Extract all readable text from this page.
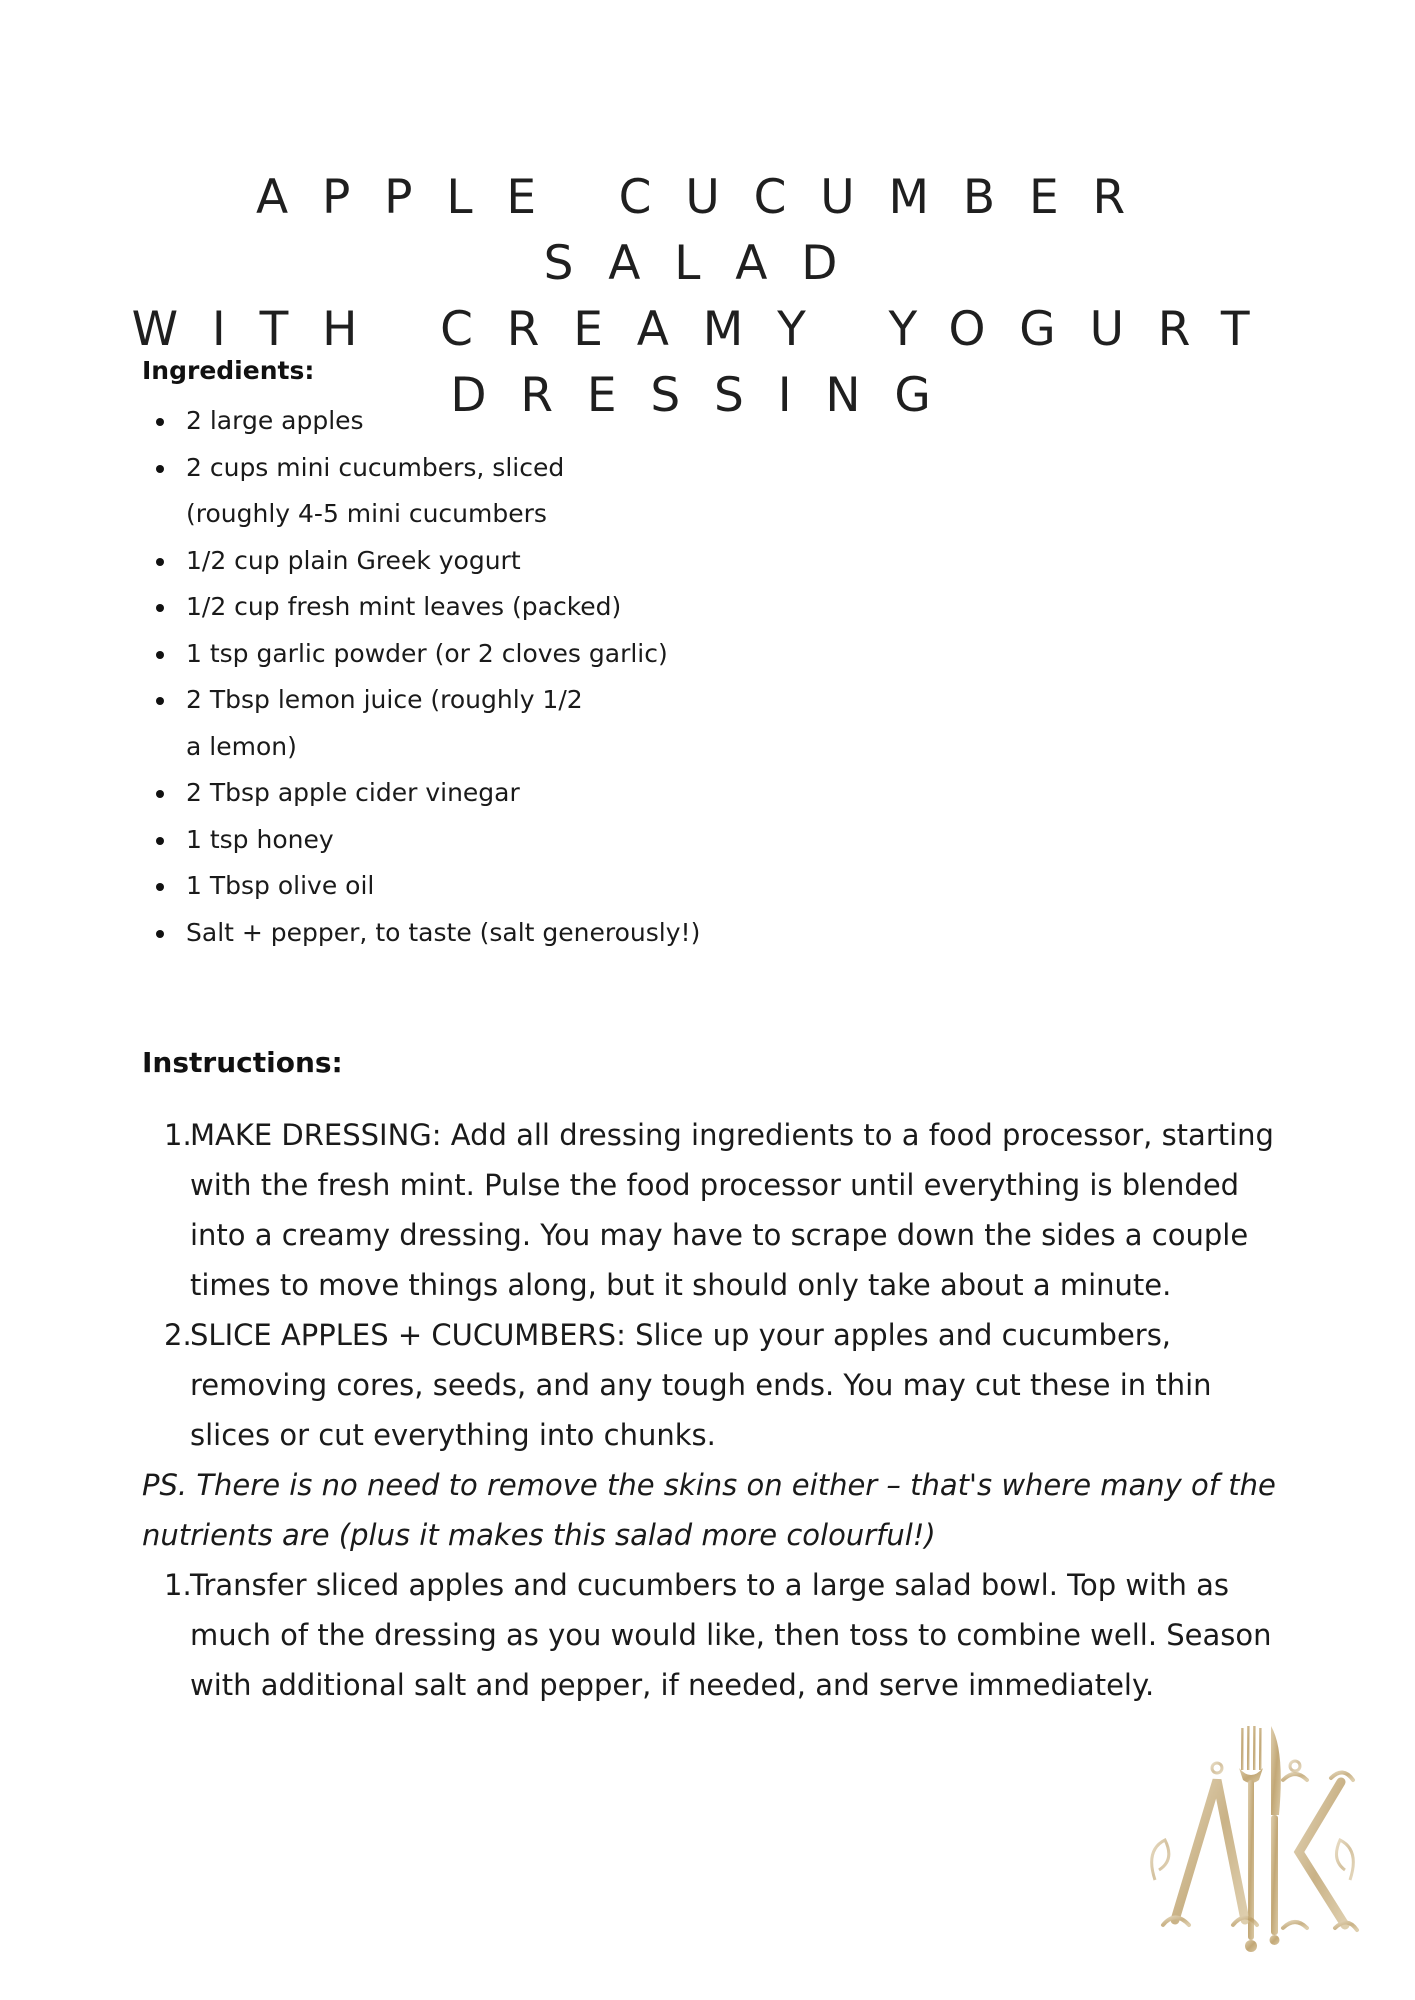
APPLE CUCUMBER SALAD
WITH CREAMY YOGURT
DRESSING
Ingredients:
2 large apples
2 cups mini cucumbers, sliced (roughly 4-5 mini cucumbers
1/2 cup plain Greek yogurt
1/2 cup fresh mint leaves (packed)
1 tsp garlic powder (or 2 cloves garlic)
2 Tbsp lemon juice (roughly 1/2 a lemon)
2 Tbsp apple cider vinegar
1 tsp honey
1 Tbsp olive oil
Salt + pepper, to taste (salt generously!)
Instructions:
1.
MAKE DRESSING: Add all dressing ingredients to a food processor, starting with the fresh mint. Pulse the food processor until everything is blended into a creamy dressing. You may have to scrape down the sides a couple times to move things along, but it should only take about a minute.
2.
SLICE APPLES + CUCUMBERS: Slice up your apples and cucumbers, removing cores, seeds, and any tough ends. You may cut these in thin slices or cut everything into chunks.

PS. There is no need to remove the skins on either – that's where many of the nutrients are (plus it makes this salad more colourful!)

1.
Transfer sliced apples and cucumbers to a large salad bowl. Top with as much of the dressing as you would like, then toss to combine well. Season with additional salt and pepper, if needed, and serve immediately.
